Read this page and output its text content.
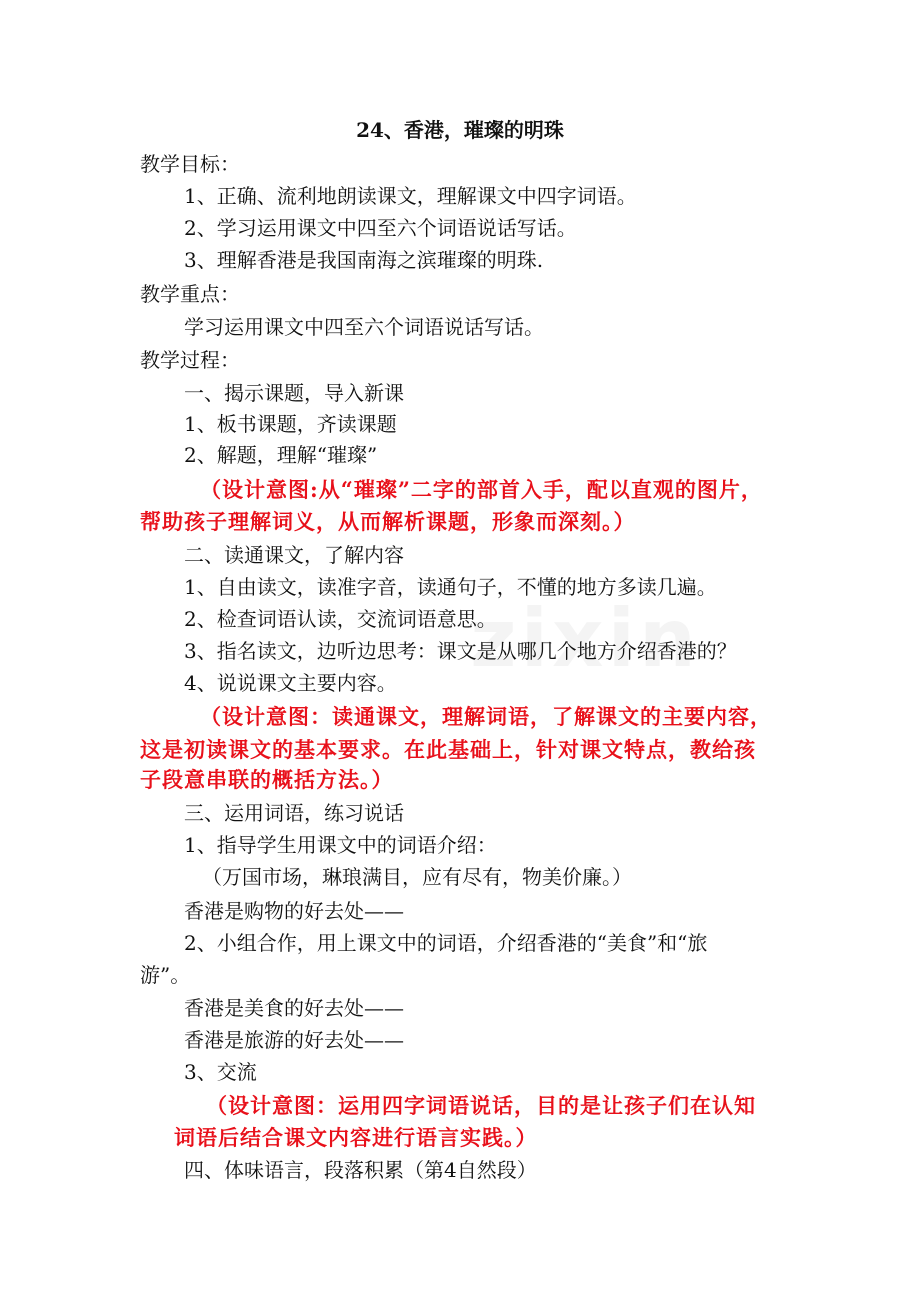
24、香港，璀璨的明珠
教学目标：
1、正确、流利地朗读课文，理解课文中四字词语。
2、学习运用课文中四至六个词语说话写话。
3、理解香港是我国南海之滨璀璨的明珠.
教学重点：
学习运用课文中四至六个词语说话写话。
教学过程：
一、揭示课题，导入新课
1、板书课题，齐读课题
2、解题，理解“璀璨”
（设计意图:从“璀璨”二字的部首入手，配以直观的图片，
帮助孩子理解词义，从而解析课题，形象而深刻。）
二、读通课文，了解内容
1、自由读文，读准字音，读通句子，不懂的地方多读几遍。
2、检查词语认读，交流词语意思。
3、指名读文，边听边思考：课文是从哪几个地方介绍香港的？
4、说说课文主要内容。
（设计意图：读通课文，理解词语，了解课文的主要内容，
这是初读课文的基本要求。在此基础上，针对课文特点，教给孩
子段意串联的概括方法。）
三、运用词语，练习说话
1、指导学生用课文中的词语介绍：
（万国市场，琳琅满目，应有尽有，物美价廉。）
香港是购物的好去处——
2、小组合作，用上课文中的词语，介绍香港的“美食”和“旅
游”。
香港是美食的好去处——
香港是旅游的好去处——
3、交流
（设计意图：运用四字词语说话，目的是让孩子们在认知
词语后结合课文内容进行语言实践。）
四、体味语言，段落积累（第4自然段）
